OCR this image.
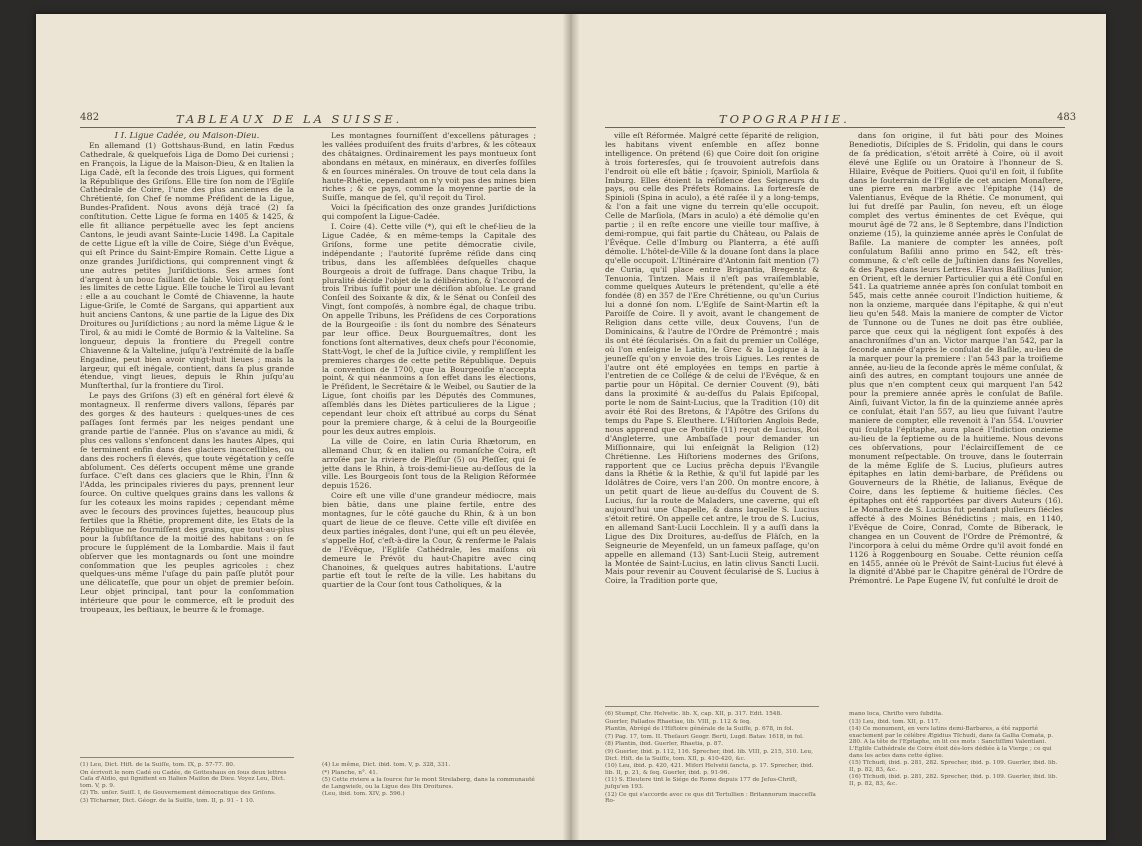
482	TABLEAUX DE LA SUISSE.

I I. Ligue Cadée, ou Maison-Dieu.

En allemand (1) Gottshaus-Bund, en latin Fœdus Cathedrale, & quelquefois Liga de Domo Dei curiensi ; en François, la Ligue de la Maison-Dieu, & en Italien la Liga Cadè, eſt la ſeconde des trois Ligues, qui forment la République des Griſons. Elle tire ſon nom de l'Egliſe Cathédrale de Coire, l'une des plus anciennes de la Chrétienté, ſon Chef ſe nomme Préſident de la Ligue, Bundes-Praſident. Nous avons déjà tracé (2) ſa conſtitution. Cette Ligue ſe forma en 1405 & 1425, & elle fit alliance perpétuelle avec les ſept anciens Cantons, le jeudi avant Sainte-Lucie 1498. La Capitale de cette Ligue eſt la ville de Coire, Siége d'un Évêque, qui eſt Prince du Saint-Empire Romain. Cette Ligue a onze grandes Juriſdictions, qui comprennent vingt & une autres petites Juriſdictions. Ses armes ſont d'argent à un bouc faillant de ſable. Voici quelles ſont les limites de cette Ligue. Elle touche le Tirol au levant : elle a au couchant le Comté de Chiavenne, la haute Ligue-Griſe, le Comté de Sargans, qui appartient aux huit anciens Cantons, & une partie de la Ligue des Dix Droitures ou Juriſdictions ; au nord la même Ligue & le Tirol, & au midi le Comté de Bormio & la Valteline. Sa longueur, depuis la frontiere du Pregell contre Chiavenne & la Valteline, juſqu'à l'extrémité de la baſſe Engadine, peut bien avoir vingt-huit lieues ; mais la largeur, qui eſt inégale, contient, dans ſa plus grande étendue, vingt lieues, depuis le Rhin juſqu'au Munſterthal, ſur la frontiere du Tirol.

Le pays des Griſons (3) eſt en général fort élevé & montagneux. Il renferme divers vallons, ſéparés par des gorges & des hauteurs : quelques-unes de ces paſſages ſont fermés par les neiges pendant une grande partie de l'année. Plus on s'avance au midi, & plus ces vallons s'enfoncent dans les hautes Alpes, qui ſe terminent enfin dans des glaciers inacceſſibles, ou dans des rochers ſi élevés, que toute végétation y ceſſe abſolument. Ces déſerts occupent même une grande ſurface. C'eſt dans ces glaciers que le Rhin, l'Inn & l'Adda, les principales rivieres du pays, prennent leur ſource. On cultive quelques grains dans les vallons & ſur les coteaux les moins rapides ; cependant même avec le ſecours des provinces ſujettes, beaucoup plus fertiles que la Rhétie, proprement dite, les Etats de la République ne fourniſſent des grains, que tout-au-plus pour la ſubſiſtance de la moitié des habitans : on ſe procure le ſupplément de la Lombardie. Mais il faut obſerver que les montagnards ou ſont une moindre conſommation que les peuples agricoles : chez quelques-uns même l'uſage du pain paſſe plutôt pour une délicateſſe, que pour un objet de premier beſoin. Leur objet principal, tant pour la conſommation intérieure que pour le commerce, eſt le produit des troupeaux, les beſtiaux, le beurre & le fromage.

Les montagnes fourniſſent d'excellens pâturages ; les vallées produiſent des fruits d'arbres, & les côteaux des châtaignes. Ordinairement les pays montueux ſont abondans en métaux, en minéraux, en diverſes foſſiles & en ſources minérales. On trouve de tout cela dans la haute-Rhétie, cependant on n'y voit pas des mines bien riches ; & ce pays, comme la moyenne partie de la Suiſſe, manque de ſel, qu'il reçoit du Tirol.

Voici la ſpécification des onze grandes Juriſdictions qui compoſent la Ligue-Cadée.

I. Coire (4). Cette ville (*), qui eſt le chef-lieu de la Ligue Cadée, & en même-temps la Capitale des Griſons, forme une petite démocratie civile, indépendante ; l'autorité ſuprême réſide dans cinq tribus, dans les aſſemblées deſquelles chaque Bourgeois a droit de ſuffrage. Dans chaque Tribu, la pluralité décide l'objet de la délibération, & l'accord de trois Tribus ſuffit pour une déciſion abſolue. Le grand Conſeil des Soixante & dix, & le Sénat ou Conſeil des Vingt, ſont compoſés, à nombre égal, de chaque tribu. On appelle Tribuns, les Préſidens de ces Corporations de la Bourgeoiſie : ils ſont du nombre des Sénateurs par leur office. Deux Bourguemaîtres, dont les fonctions ſont alternatives, deux chefs pour l'économie, Statt-Vogt, le chef de la Juſtice civile, y rempliſſent les premieres charges de cette petite République. Depuis la convention de 1700, que la Bourgeoiſie n'accepta point, & qui néanmoins a ſon effet dans les élections, le Préſident, le Secrétaire & le Weibel, ou Sautier de la Ligue, ſont choiſis par les Députés des Communes, aſſemblés dans les Diètes particulieres de la Ligue ; cependant leur choix eſt attribué au corps du Sénat pour la premiere charge, & à celui de la Bourgeoiſie pour les deux autres emplois.

La ville de Coire, en latin Curia Rhætorum, en allemand Chur, & en italien ou romanſche Coira, eſt arroſée par la riviere de Pleſſur (5) ou Pleſſer, qui ſe jette dans le Rhin, à trois-demi-lieue au-deſſous de la ville. Les Bourgeois ſont tous de la Religion Réformée depuis 1526.

Coire eſt une ville d'une grandeur médiocre, mais bien bâtie, dans une plaine fertile, entre des montagnes, ſur le côté gauche du Rhin, & à un bon quart de lieue de ce fleuve. Cette ville eſt diviſée en deux parties inégales, dont l'une, qui eſt un peu élevée, s'appelle Hof, c'eſt-à-dire la Cour, & renferme le Palais de l'Evêque, l'Egliſe Cathédrale, les maiſons où demeure le Prévôt du haut-Chapitre avec cinq Chanoines, & quelques autres habitations. L'autre partie eſt tout le reſte de la ville. Les habitans du quartier de la Cour ſont tous Catholiques, & la

(1) Leu, Dict. Hiſt. de la Suiſſe, tom. IX, p. 57-77. 80.

On écrivoit le nom Cadé ou Cadée, de Gotteshaus on ſous deux lettres Caſa d'Aldio, qui ſignifient en Italien Maiſon de Dieu. Voyez Leu, Dict. tom. V, p. 9.

(2) Tb. unſer. Suiſſ. I, de Gouvernement démocratique des Griſons.

(3) Tſcharner, Dict. Géogr. de la Suiſſe, tom. II, p. 91 - 1 10.

(4) Le même, Dict. ibid. tom. V, p. 328, 331.

(*) Planche, n°. 41.

(5) Cette riviere a la ſource ſur le mont Strelaberg, dans la communauté de Langwieſe, ou la Ligue des Dix Droitures.

(Leu, ibid. tom. XIV, p. 596.)

TOPOGRAPHIE.	483

ville eſt Réformée. Malgré cette ſéparité de religion, les habitans vivent enſemble en aſſez bonne intelligence. On prétend (6) que Coire doit ſon origine à trois forteresſes, qui ſe trouvoient autrefois dans l'endroit où elle eſt bâtie ; ſçavoir, Spinioli, Marſiola & Imburg. Elles étoient la réſidence des Seigneurs du pays, ou celle des Préfets Romains. La forteresſe de Spinioli (Spina in aculo), a été raſée il y a long-temps, & l'on a fait une vigne du terrein qu'elle occupoit. Celle de Marſiola, (Mars in aculo) a été démolie qu'en partie ; il en reſte encore une vieille tour maſſive, à demi-rompue, qui fait partie du Château, ou Palais de l'Évêque. Celle d'Imburg ou Planterra, a été auſſi démolie. L'hôtel-de-Ville & la douane ſont dans la place qu'elle occupoit. L'Itinéraire d'Antonin fait mention (7) de Curia, qu'il place entre Brigantia, Bregentz & Tenuonia, Tintzen. Mais il n'eſt pas vraiſemblable, comme quelques Auteurs le prétendent, qu'elle a été fondée (8) en 357 de l'Ere Chrétienne, ou qu'un Curius lui a donné ſon nom. L'Egliſe de Saint-Martin eſt la Paroiſſe de Coire. Il y avoit, avant le changement de Religion dans cette ville, deux Couvens, l'un de Dominicains, & l'autre de l'Ordre de Prémontré ; mais ils ont été ſécularisés. On a fait du premier un Collége, où l'on enſeigne le Latin, le Grec & la Logique à la jeuneſſe qu'on y envoie des trois Ligues. Les rentes de l'autre ont été employées en temps en partie à l'entretien de ce Collége & de celui de l'Evêque, & en partie pour un Hôpital. Ce dernier Couvent (9), bâti dans la proximité & au-deſſus du Palais Epiſcopal, porte le nom de Saint-Lucius, que la Tradition (10) dit avoir été Roi des Bretons, & l'Apôtre des Griſons du temps du Pape S. Eleuthere. L'Hiſtorien Anglois Bede, nous apprend que ce Pontife (11) reçut de Lucius, Roi d'Angleterre, une Ambaſſade pour demander un Miſſionnaire, qui lui enſeignât la Religion (12) Chrétienne. Les Hiſtoriens modernes des Griſons, rapportent que ce Lucius prêcha depuis l'Evangile dans la Rhétie & la Rethie, & qu'il fut lapidé par les Idolâtres de Coire, vers l'an 200. On montre encore, à un petit quart de lieue au-deſſus du Couvent de S. Lucius, ſur la route de Maladers, une caverne, qui eſt aujourd'hui une Chapelle, & dans laquelle S. Lucius s'étoit retiré. On appelle cet antre, le trou de S. Lucius, en allemand Sant-Lucii Locchlein. Il y a auſſi dans la Ligue des Dix Droitures, au-deſſus de Fläſch, en la Seigneurie de Meyenfeld, un un fameux paſſage, qu'on appelle en allemand (13) Sant-Lucii Steig, autrement la Montée de Saint-Lucius, en latin clivus Sancti Lucii. Mais pour revenir au Couvent ſécularisé de S. Lucius à Coire, la Tradition porte que,

dans ſon origine, il fut bâti pour des Moines Benediotis, Diſciples de S. Fridolin, qui dans le cours de ſa prédication, s'étoit arrêté à Coire, où il avoit élevé une Egliſe ou un Oratoire à l'honneur de S. Hilaire, Evêque de Poitiers. Quoi qu'il en ſoit, il ſubſite dans le ſouterrain de l'Egliſe de cet ancien Monaſtere, une pierre en marbre avec l'épitaphe (14) de Valentianus, Evêque de la Rhétie. Ce monument, qui lui fut dreſſé par Paulin, ſon neveu, eſt un éloge complet des vertus éminentes de cet Evêque, qui mourut âgé de 72 ans, le 8 Septembre, dans l'Indiction onzieme (15), la quinzieme année après le Conſulat de Baſile. La maniere de compter les années, poſt conſulatum Baſilii anno primo en 542, eſt très-commune, & c'eſt celle de Juſtinien dans ſes Novelles, & des Papes dans leurs Lettres. Flavius Baſilius Junior, en Orient, eſt le dernier Particulier qui a été Conſul en 541. La quatrieme année après ſon conſulat tomboit en 545, mais cette année couroit l'Indiction huitieme, & non la onzieme, marquée dans l'épitaphe, & qui n'eut lieu qu'en 548. Mais la maniere de compter de Victor de Tunnone ou de Tunes ne doit pas être oubliée, parce que ceux qui la négligent ſont expoſés à des anachroniſmes d'un an. Victor marque l'an 542, par la ſeconde année d'après le conſulat de Baſile, au-lieu de la marquer pour la premiere : l'an 543 par la troiſieme année, au-lieu de la ſeconde après le même conſulat, & ainſi des autres, en comptant toujours une année de plus que n'en comptent ceux qui marquent l'an 542 pour la premiere année après le conſulat de Baſile. Ainſi, ſuivant Victor, la fin de la quinzieme année après ce conſulat, était l'an 557, au lieu que ſuivant l'autre maniere de compter, elle revenoit à l'an 554. L'ouvrier qui ſculpta l'épitaphe, aura placé l'Indiction onzieme au-lieu de la ſeptieme ou de la huitieme. Nous devons ces obſervations, pour l'éclairciſſement de ce monument reſpectable. On trouve, dans le ſouterrain de la même Egliſe de S. Lucius, pluſieurs autres épitaphes en latin demi-barbare, de Préſidens ou Gouverneurs de la Rhétie, de Ialianus, Evêque de Coire, dans les ſeptieme & huitieme ſiécles. Ces épitaphes ont été rapportées par divers Auteurs (16). Le Monaſtere de S. Lucius fut pendant pluſieurs ſiécles affecté à des Moines Bénédictins ; mais, en 1140, l'Evêque de Coire, Conrad, Comte de Biberack, le changea en un Couvent de l'Ordre de Prémontré, & l'incorpora à celui du même Ordre qu'il avoit fondé en 1126 à Roggenbourg en Souabe. Cette réunion ceſſa en 1455, année où le Prévôt de Saint-Lucius fut élevé à la dignité d'Abbé par le Chapitre général de l'Ordre de Prémontré. Le Pape Eugene IV, fut conſulté le droit de

(6) Stumpf, Chr. Helvetic. lib. X, cap. XII, p. 317. Edit. 1548.

Guerler, Pallados Rhaetiae, lib. VIII, p. 112 & ſeq.

Plantin, Abrégé de l'Hiſtoire générale de la Suiſſe, p. 678, in fol.

(7) Pag. 17, tom. II. Theſauri Geogr. Berti, Lugd. Batav. 1618, in fol.

(8) Plantin, ibid. Guerler, Rhaetia, p. 87.

(9) Guerler, ibid. p. 112, 116. Sprecher, ibid. lib. VIII, p. 215, 310. Leu, Dict. Hiſt. de la Suiſſe, tom. XII, p. 410-420, &c.

(10) Leu, ibid. p. 420, 421. Miſeri Helvetii ſancta, p. 17. Sprecher, ibid. lib. II, p. 21, & ſeq. Guerler, ibid. p. 91-96.

(11) S. Eleutere tint le Siége de Rome depuis 177 de Jeſus-Chriſt, juſqu'en 193.

(12) Ce qui s'accorde avec ce que dit Tertullien : Britannorum inacceſſa Ro-

mano loca, Chriſto vero ſubdita.

(13) Leu, ibid. tom. XII, p. 117.

(14) Ce monument, en vers latins demi-Barbares, a été rapporté exactement par le célébre Ægidius Tſchudi, dans ſa Gallia Comata, p. 280. A la tête de l'Epitaphe, on lit ces mots : Sanctiſſimi Valentiani. L'Egliſe Cathédrale de Coire étoit dès-lors dédiée à la Vierge ; ce qui dans les actes dans cette église.

(15) Tſchudi, ibid. p. 281, 282. Sprecher, ibid. p. 109. Guerler, ibid. lib. II, p. 82, 83, &c.

(16) Tſchudi, ibid. p. 281, 282. Sprecher, ibid. p. 109. Guerler, ibid. lib. II, p. 82, 83, &c.
